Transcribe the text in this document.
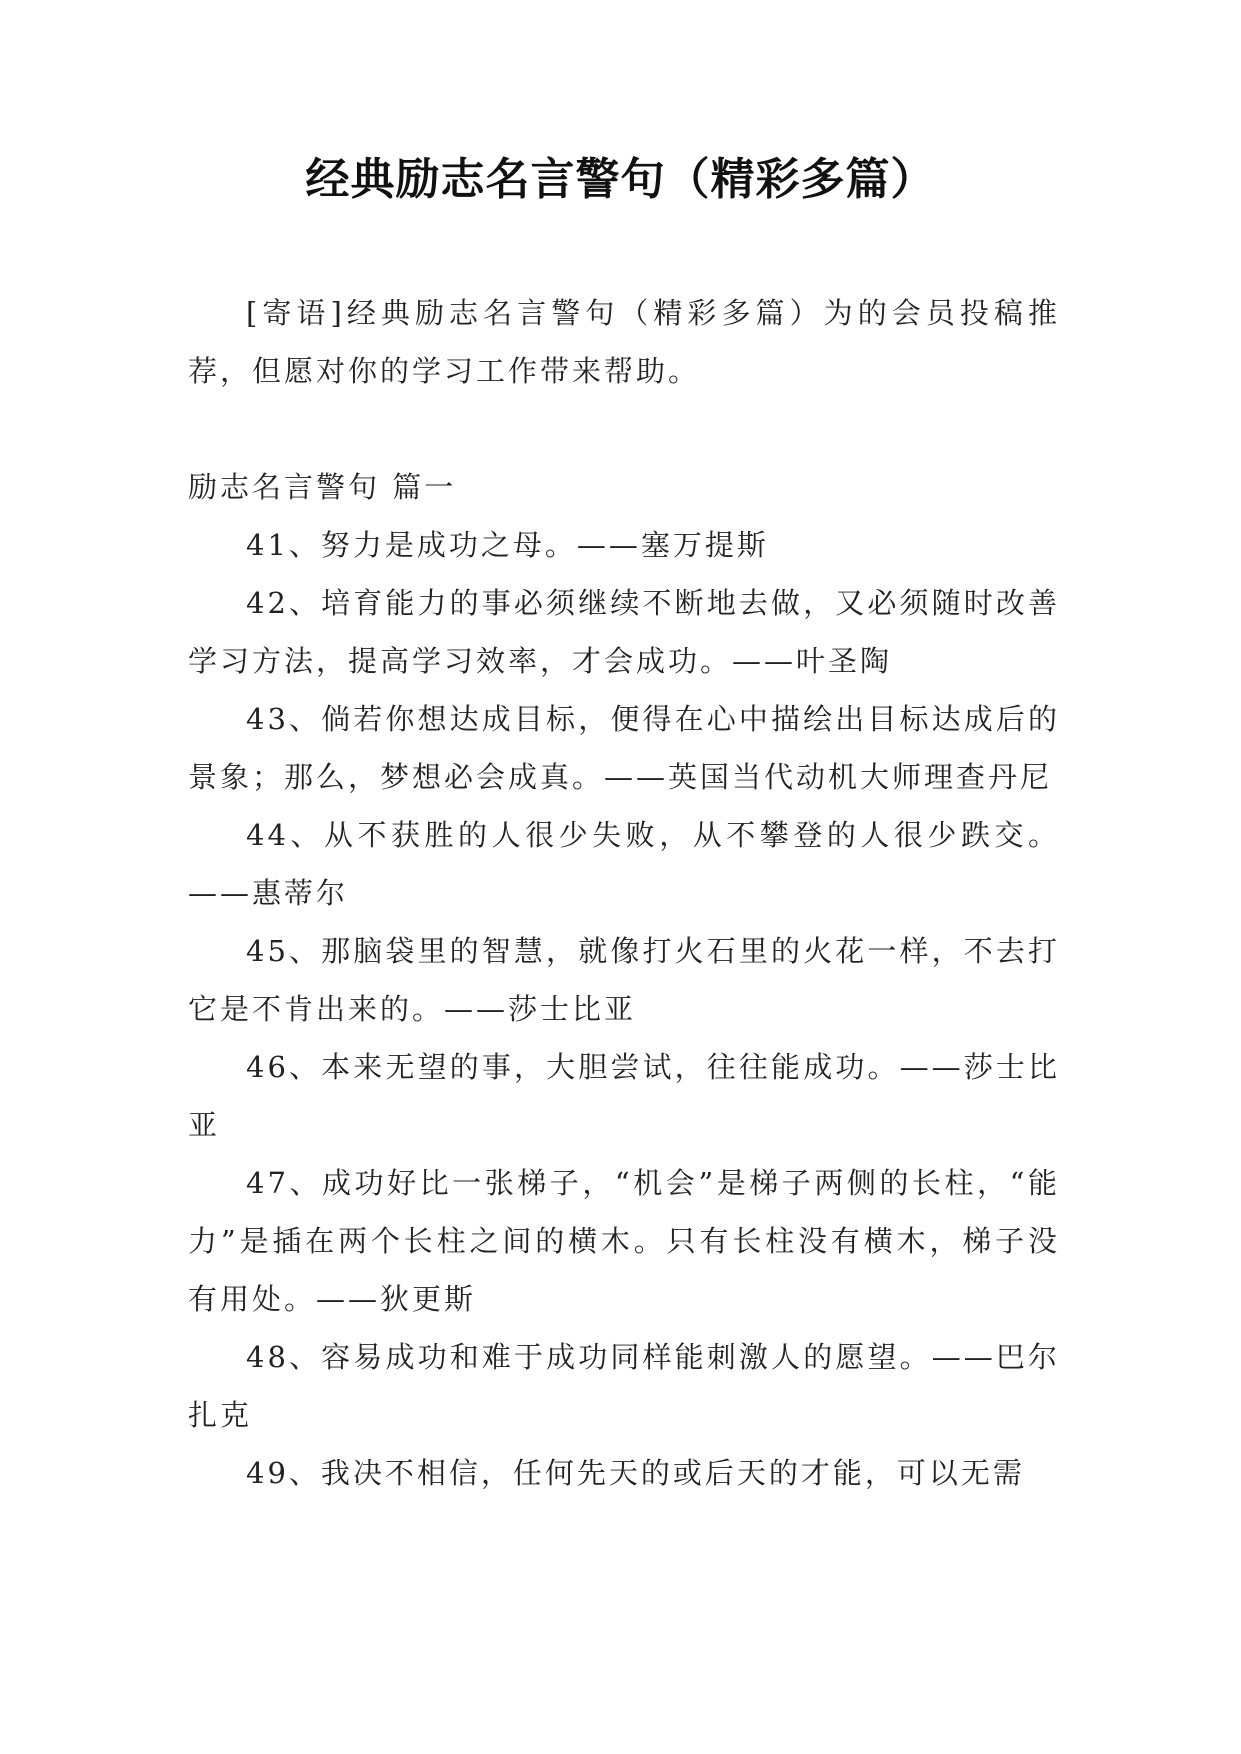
经典励志名言警句（精彩多篇）

[寄语]经典励志名言警句（精彩多篇）为的会员投稿推荐，但愿对你的学习工作带来帮助。

励志名言警句 篇一

41、努力是成功之母。——塞万提斯

42、培育能力的事必须继续不断地去做，又必须随时改善学习方法，提高学习效率，才会成功。——叶圣陶

43、倘若你想达成目标，便得在心中描绘出目标达成后的景象；那么，梦想必会成真。——英国当代动机大师理查丹尼

44、从不获胜的人很少失败，从不攀登的人很少跌交。——惠蒂尔

45、那脑袋里的智慧，就像打火石里的火花一样，不去打它是不肯出来的。——莎士比亚

46、本来无望的事，大胆尝试，往往能成功。——莎士比亚

47、成功好比一张梯子，“机会”是梯子两侧的长柱，“能力”是插在两个长柱之间的横木。只有长柱没有横木，梯子没有用处。——狄更斯

48、容易成功和难于成功同样能刺激人的愿望。——巴尔扎克

49、我决不相信，任何先天的或后天的才能，可以无需
